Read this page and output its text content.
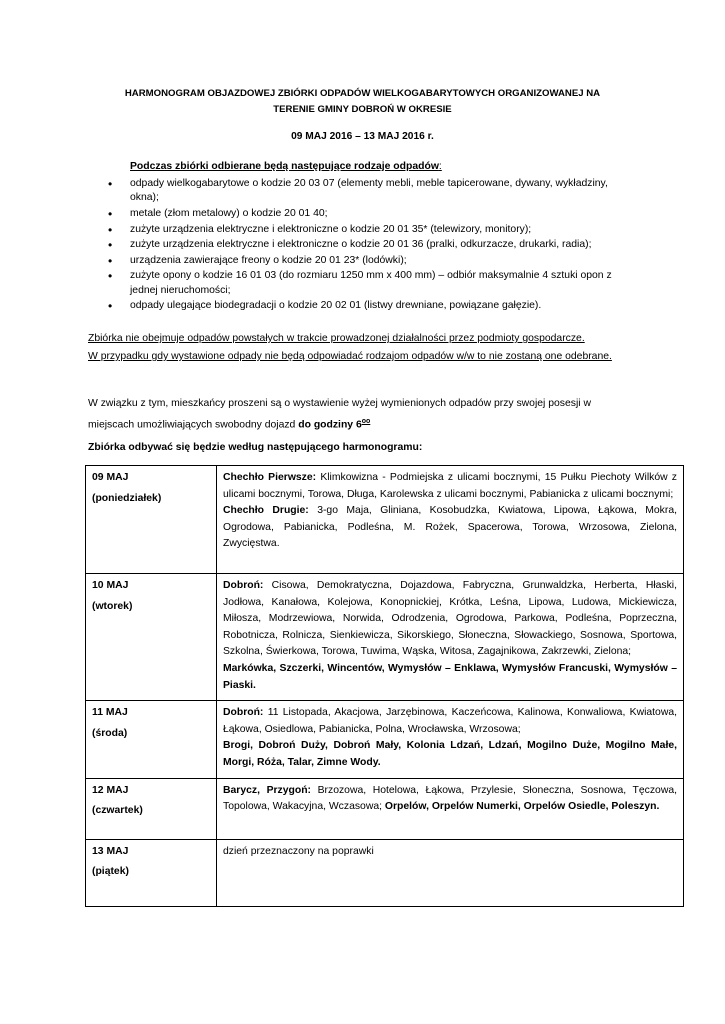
HARMONOGRAM OBJAZDOWEJ ZBIÓRKI ODPADÓW WIELKOGABARYTOWYCH ORGANIZOWANEJ NA
TERENIE GMINY DOBROŃ W OKRESIE
09 MAJ 2016 – 13 MAJ 2016 r.
Podczas zbiórki odbierane będą następujące rodzaje odpadów:
• odpady wielkogabarytowe o kodzie 20 03 07 (elementy mebli, meble tapicerowane, dywany, wykładziny, okna);
• metale (złom metalowy) o kodzie 20 01 40;
• zużyte urządzenia elektryczne i elektroniczne o kodzie 20 01 35* (telewizory, monitory);
• zużyte urządzenia elektryczne i elektroniczne o kodzie 20 01 36 (pralki, odkurzacze, drukarki, radia);
• urządzenia zawierające freony o kodzie 20 01 23* (lodówki);
• zużyte opony o kodzie 16 01 03 (do rozmiaru 1250 mm x 400 mm) – odbiór maksymalnie 4 sztuki opon z jednej nieruchomości;
• odpady ulegające biodegradacji o kodzie 20 02 01 (listwy drewniane, powiązane gałęzie).
Zbiórka nie obejmuje odpadów powstałych w trakcie prowadzonej działalności przez podmioty gospodarcze.
W przypadku gdy wystawione odpady nie będą odpowiadać rodzajom odpadów w/w to nie zostaną one odebrane.
W związku z tym, mieszkańcy proszeni są o wystawienie wyżej wymienionych odpadów przy swojej posesji w miejscach umożliwiających swobodny dojazd do godziny $6^{oo}$
Zbiórka odbywać się będzie według następującego harmonogramu:
09 MAJ
(poniedziałek)	Chechło Pierwsze: Klimkowizna - Podmiejska z ulicami bocznymi, 15 Pułku Piechoty Wilków z ulicami bocznymi, Torowa, Długa, Karolewska z ulicami bocznymi, Pabianicka z ulicami bocznymi;
Chechło Drugie: 3-go Maja, Gliniana, Kosobudzka, Kwiatowa, Lipowa, Łąkowa, Mokra, Ogrodowa, Pabianicka, Podleśna, M. Rożek, Spacerowa, Torowa, Wrzosowa, Zielona, Zwycięstwa.
10 MAJ
(wtorek)	Dobroń: Cisowa, Demokratyczna, Dojazdowa, Fabryczna, Grunwaldzka, Herberta, Hłaski, Jodłowa, Kanałowa, Kolejowa, Konopnickiej, Krótka, Leśna, Lipowa, Ludowa, Mickiewicza, Miłosza, Modrzewiowa, Norwida, Odrodzenia, Ogrodowa, Parkowa, Podleśna, Poprzeczna, Robotnicza, Rolnicza, Sienkiewicza, Sikorskiego, Słoneczna, Słowackiego, Sosnowa, Sportowa, Szkolna, Świerkowa, Torowa, Tuwima, Wąska, Witosa, Zagajnikowa, Zakrzewki, Zielona;
Markówka, Szczerki, Wincentów, Wymysłów – Enklawa, Wymysłów Francuski, Wymysłów – Piaski.
11 MAJ
(środa)	Dobroń: 11 Listopada, Akacjowa, Jarzębinowa, Kaczeńcowa, Kalinowa, Konwaliowa, Kwiatowa, Łąkowa, Osiedlowa, Pabianicka, Polna, Wrocławska, Wrzosowa;
Brogi, Dobroń Duży, Dobroń Mały, Kolonia Ldzań, Ldzań, Mogilno Duże, Mogilno Małe, Morgi, Róża, Talar, Zimne Wody.
12 MAJ
(czwartek)	Barycz, Przygoń: Brzozowa, Hotelowa, Łąkowa, Przylesie, Słoneczna, Sosnowa, Tęczowa, Topolowa, Wakacyjna, Wczasowa; Orpelów, Orpelów Numerki, Orpelów Osiedle, Poleszyn.
13 MAJ
(piątek)	dzień przeznaczony na poprawki
